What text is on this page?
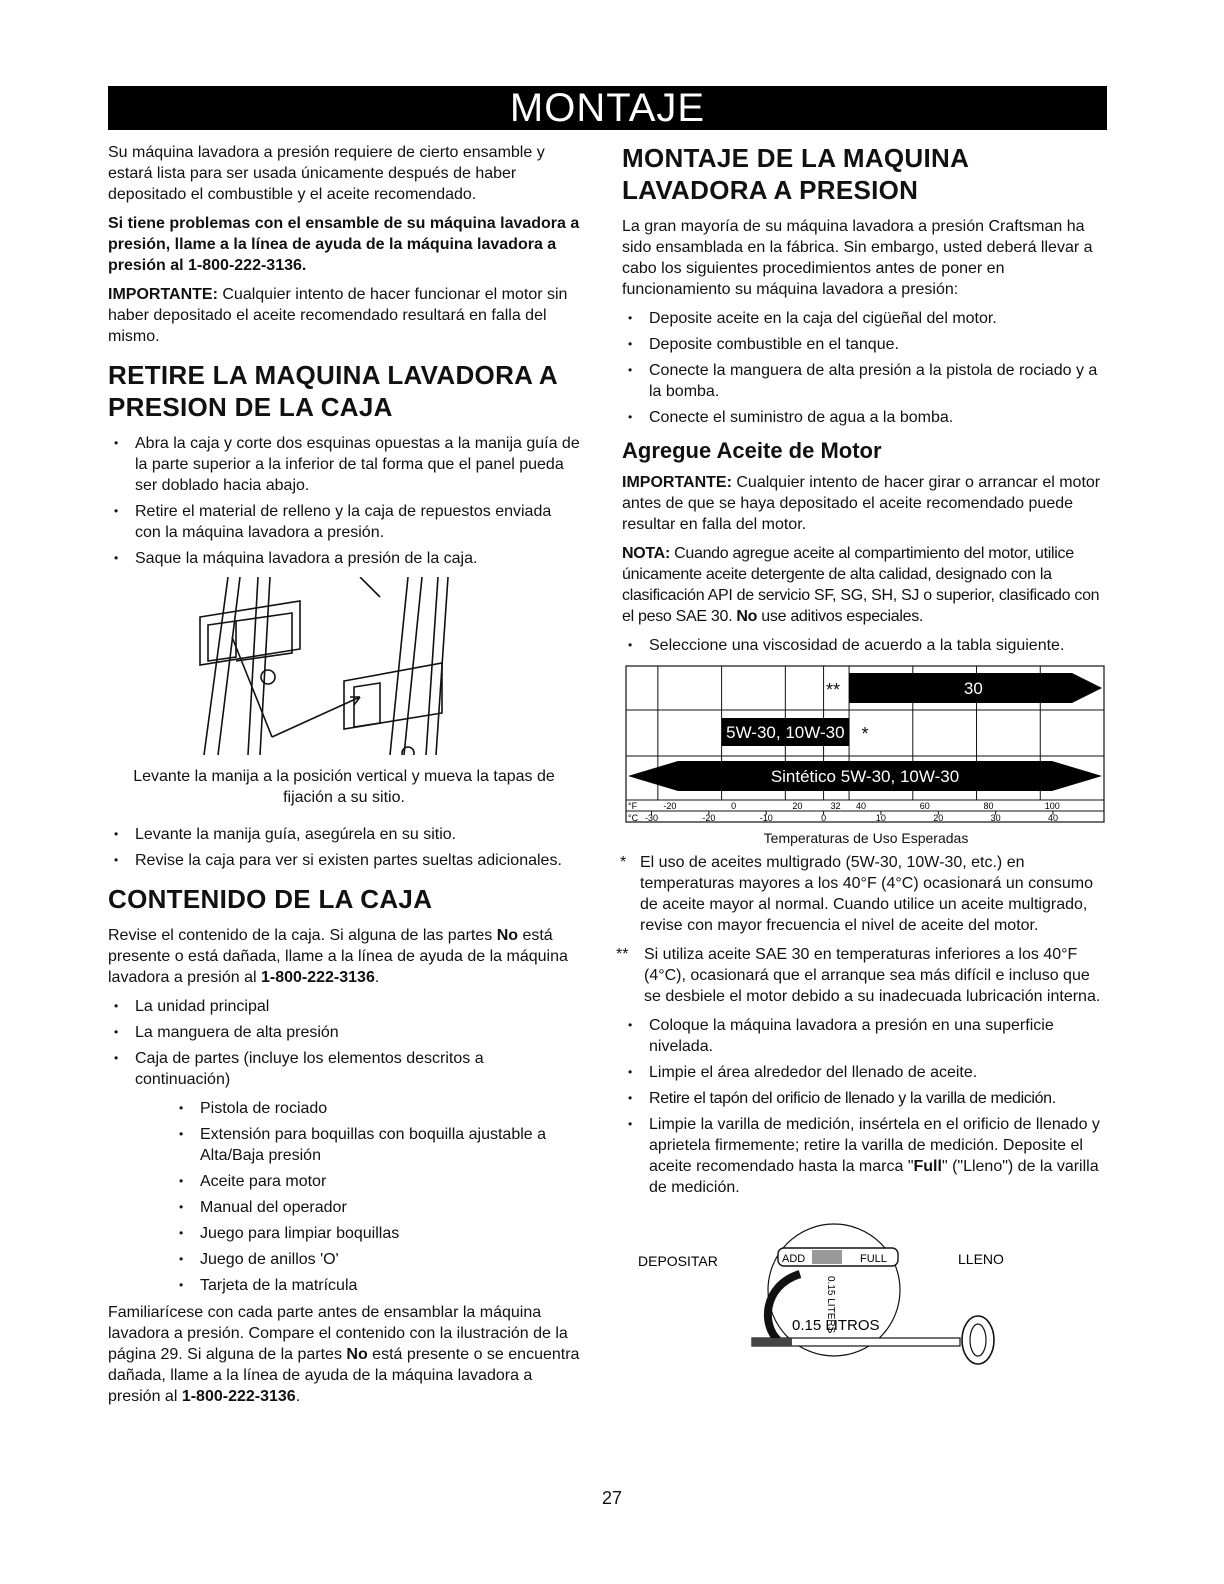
MONTAJE

Su máquina lavadora a presión requiere de cierto ensamble y estará lista para ser usada únicamente después de haber depositado el combustible y el aceite recomendado.

Si tiene problemas con el ensamble de su máquina lavadora a presión, llame a la línea de ayuda de la máquina lavadora a presión al 1-800-222-3136.

IMPORTANTE: Cualquier intento de hacer funcionar el motor sin haber depositado el aceite recomendado resultará en falla del mismo.

RETIRE LA MAQUINA LAVADORA A PRESION DE LA CAJA
• Abra la caja y corte dos esquinas opuestas a la manija guía de la parte superior a la inferior de tal forma que el panel pueda ser doblado hacia abajo.
• Retire el material de relleno y la caja de repuestos enviada con la máquina lavadora a presión.
• Saque la máquina lavadora a presión de la caja.
Levante la manija a la posición vertical y mueva la tapas de fijación a su sitio.
• Levante la manija guía, asegúrela en su sitio.
• Revise la caja para ver si existen partes sueltas adicionales.
CONTENIDO DE LA CAJA

Revise el contenido de la caja. Si alguna de las partes No está presente o está dañada, llame a la línea de ayuda de la máquina lavadora a presión al 1-800-222-3136.

• La unidad principal
• La manguera de alta presión
• Caja de partes (incluye los elementos descritos a continuación)
• Pistola de rociado
• Extensión para boquillas con boquilla ajustable a Alta/Baja presión
• Aceite para motor
• Manual del operador
• Juego para limpiar boquillas
• Juego de anillos 'O'
• Tarjeta de la matrícula

Familiarícese con cada parte antes de ensamblar la máquina lavadora a presión. Compare el contenido con la ilustración de la página 29. Si alguna de la partes No está presente o se encuentra dañada, llame a la línea de ayuda de la máquina lavadora a presión al 1-800-222-3136.

MONTAJE DE LA MAQUINA LAVADORA A PRESION

La gran mayoría de su máquina lavadora a presión Craftsman ha sido ensamblada en la fábrica. Sin embargo, usted deberá llevar a cabo los siguientes procedimientos antes de poner en funcionamiento su máquina lavadora a presión:

• Deposite aceite en la caja del cigüeñal del motor.
• Deposite combustible en el tanque.
• Conecte la manguera de alta presión a la pistola de rociado y a la bomba.
• Conecte el suministro de agua a la bomba.
Agregue Aceite de Motor

IMPORTANTE: Cualquier intento de hacer girar o arrancar el motor antes de que se haya depositado el aceite recomendado puede resultar en falla del motor.

NOTA: Cuando agregue aceite al compartimiento del motor, utilice únicamente aceite detergente de alta calidad, designado con la clasificación API de servicio SF, SG, SH, SJ o superior, clasificado con el peso SAE 30. No use aditivos especiales.

• Seleccione una viscosidad de acuerdo a la tabla siguiente.
30
**
5W-30, 10W-30 *
Sintético 5W-30, 10W-30
°F
°C
-20	0	20	32 40	60	80	100
-30	-20	-10	0	10	20	30	40
Temperaturas de Uso Esperadas

* El uso de aceites multigrado (5W-30, 10W-30, etc.) en temperaturas mayores a los 40°F (4°C) ocasionará un consumo de aceite mayor al normal. Cuando utilice un aceite multigrado, revise con mayor frecuencia el nivel de aceite del motor.

** Si utiliza aceite SAE 30 en temperaturas inferiores a los 40°F (4°C), ocasionará que el arranque sea más difícil e incluso que se desbiele el motor debido a su inadecuada lubricación interna.

• Coloque la máquina lavadora a presión en una superficie nivelada.
• Limpie el área alrededor del llenado de aceite.
• Retire el tapón del orificio de llenado y la varilla de medición.
• Limpie la varilla de medición, insértela en el orificio de llenado y aprietela firmemente; retire la varilla de medición. Deposite el aceite recomendado hasta la marca "Full" ("Lleno") de la varilla de medición.
DEPOSITAR	LLENO
ADD	FULL
0.15 LITERS
0.15 LITROS
27
